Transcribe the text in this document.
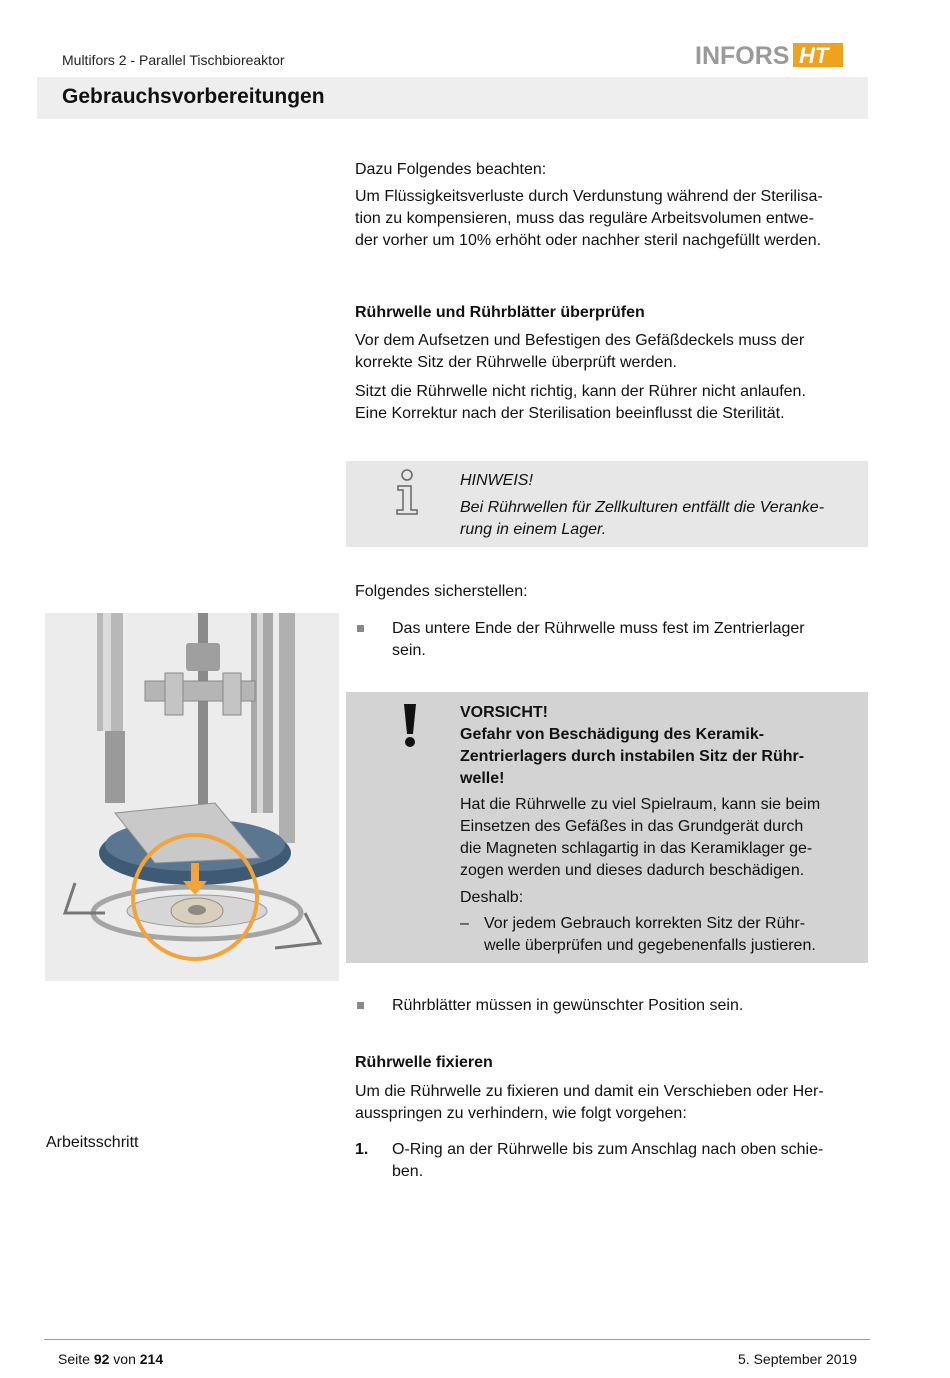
Multifors 2 - Parallel Tischbioreaktor	INFORS HT
Gebrauchsvorbereitungen

Dazu Folgendes beachten:

Um Flüssigkeitsverluste durch Verdunstung während der Sterilisa-

tion zu kompensieren, muss das reguläre Arbeitsvolumen entwe-

der vorher um 10% erhöht oder nachher steril nachgefüllt werden.

Rührwelle und Rührblätter überprüfen

Vor dem Aufsetzen und Befestigen des Gefäßdeckels muss der

korrekte Sitz der Rührwelle überprüft werden.

Sitzt die Rührwelle nicht richtig, kann der Rührer nicht anlaufen.

Eine Korrektur nach der Sterilisation beeinflusst die Sterilität.

HINWEIS!
Bei Rührwellen für Zellkulturen entfällt die Veranke-
rung in einem Lager.

Folgendes sicherstellen:

Das untere Ende der Rührwelle muss fest im Zentrierlager

sein.

VORSICHT!
Gefahr von Beschädigung des Keramik-
Zentrierlagers durch instabilen Sitz der Rühr-
welle!
Hat die Rührwelle zu viel Spielraum, kann sie beim
Einsetzen des Gefäßes in das Grundgerät durch
die Magneten schlagartig in das Keramiklager ge-
zogen werden und dieses dadurch beschädigen.
Deshalb:
– Vor jedem Gebrauch korrekten Sitz der Rühr-
welle überprüfen und gegebenenfalls justieren.

Rührblätter müssen in gewünschter Position sein.

Rührwelle fixieren

Um die Rührwelle zu fixieren und damit ein Verschieben oder Her-

ausspringen zu verhindern, wie folgt vorgehen:

Arbeitsschritt	1.	O-Ring an der Rührwelle bis zum Anschlag nach oben schie-

ben.

Seite 92 von 214	5. September 2019
